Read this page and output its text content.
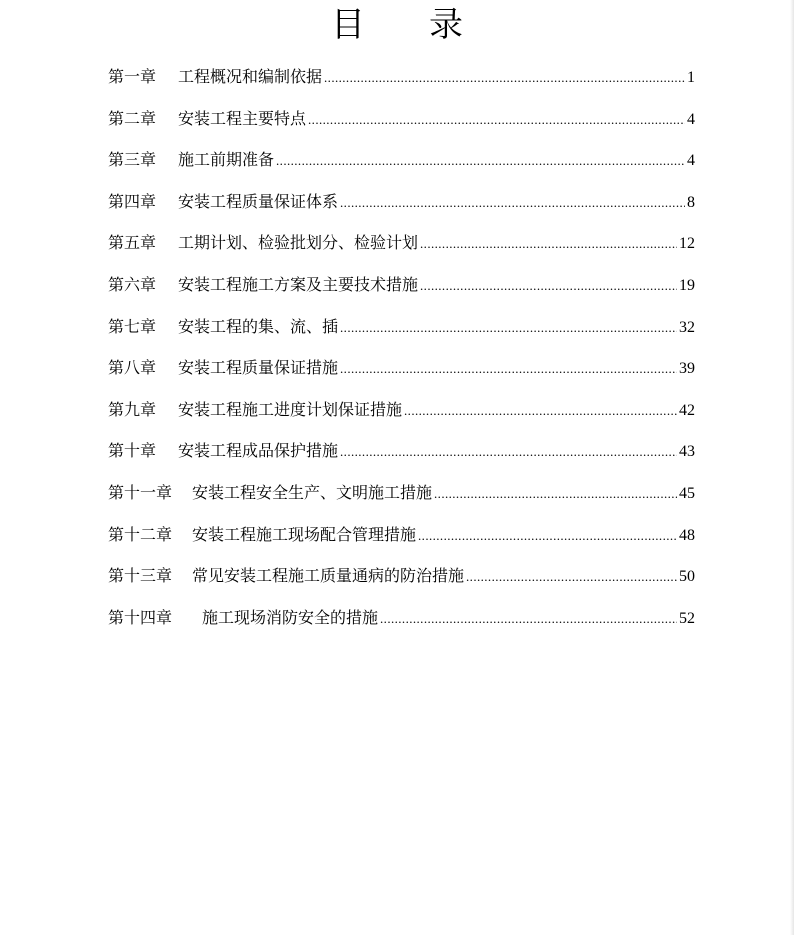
目 录
第一章	工程概况和编制依据 .....	1
第二章	安装工程主要特点 .....	4
第三章	施工前期准备 .....	4
第四章	安装工程质量保证体系 .....	8
第五章	工期计划、检验批划分、检验计划 .....	12
第六章	安装工程施工方案及主要技术措施 .....	19
第七章	安装工程的集、流、插 .....	32
第八章	安装工程质量保证措施 .....	39
第九章	安装工程施工进度计划保证措施 .....	42
第十章	安装工程成品保护措施 .....	43
第十一章	安装工程安全生产、文明施工措施 .....	45
第十二章	安装工程施工现场配合管理措施 .....	48
第十三章	常见安装工程施工质量通病的防治措施 .....	50
第十四章	施工现场消防安全的措施 .....	52
